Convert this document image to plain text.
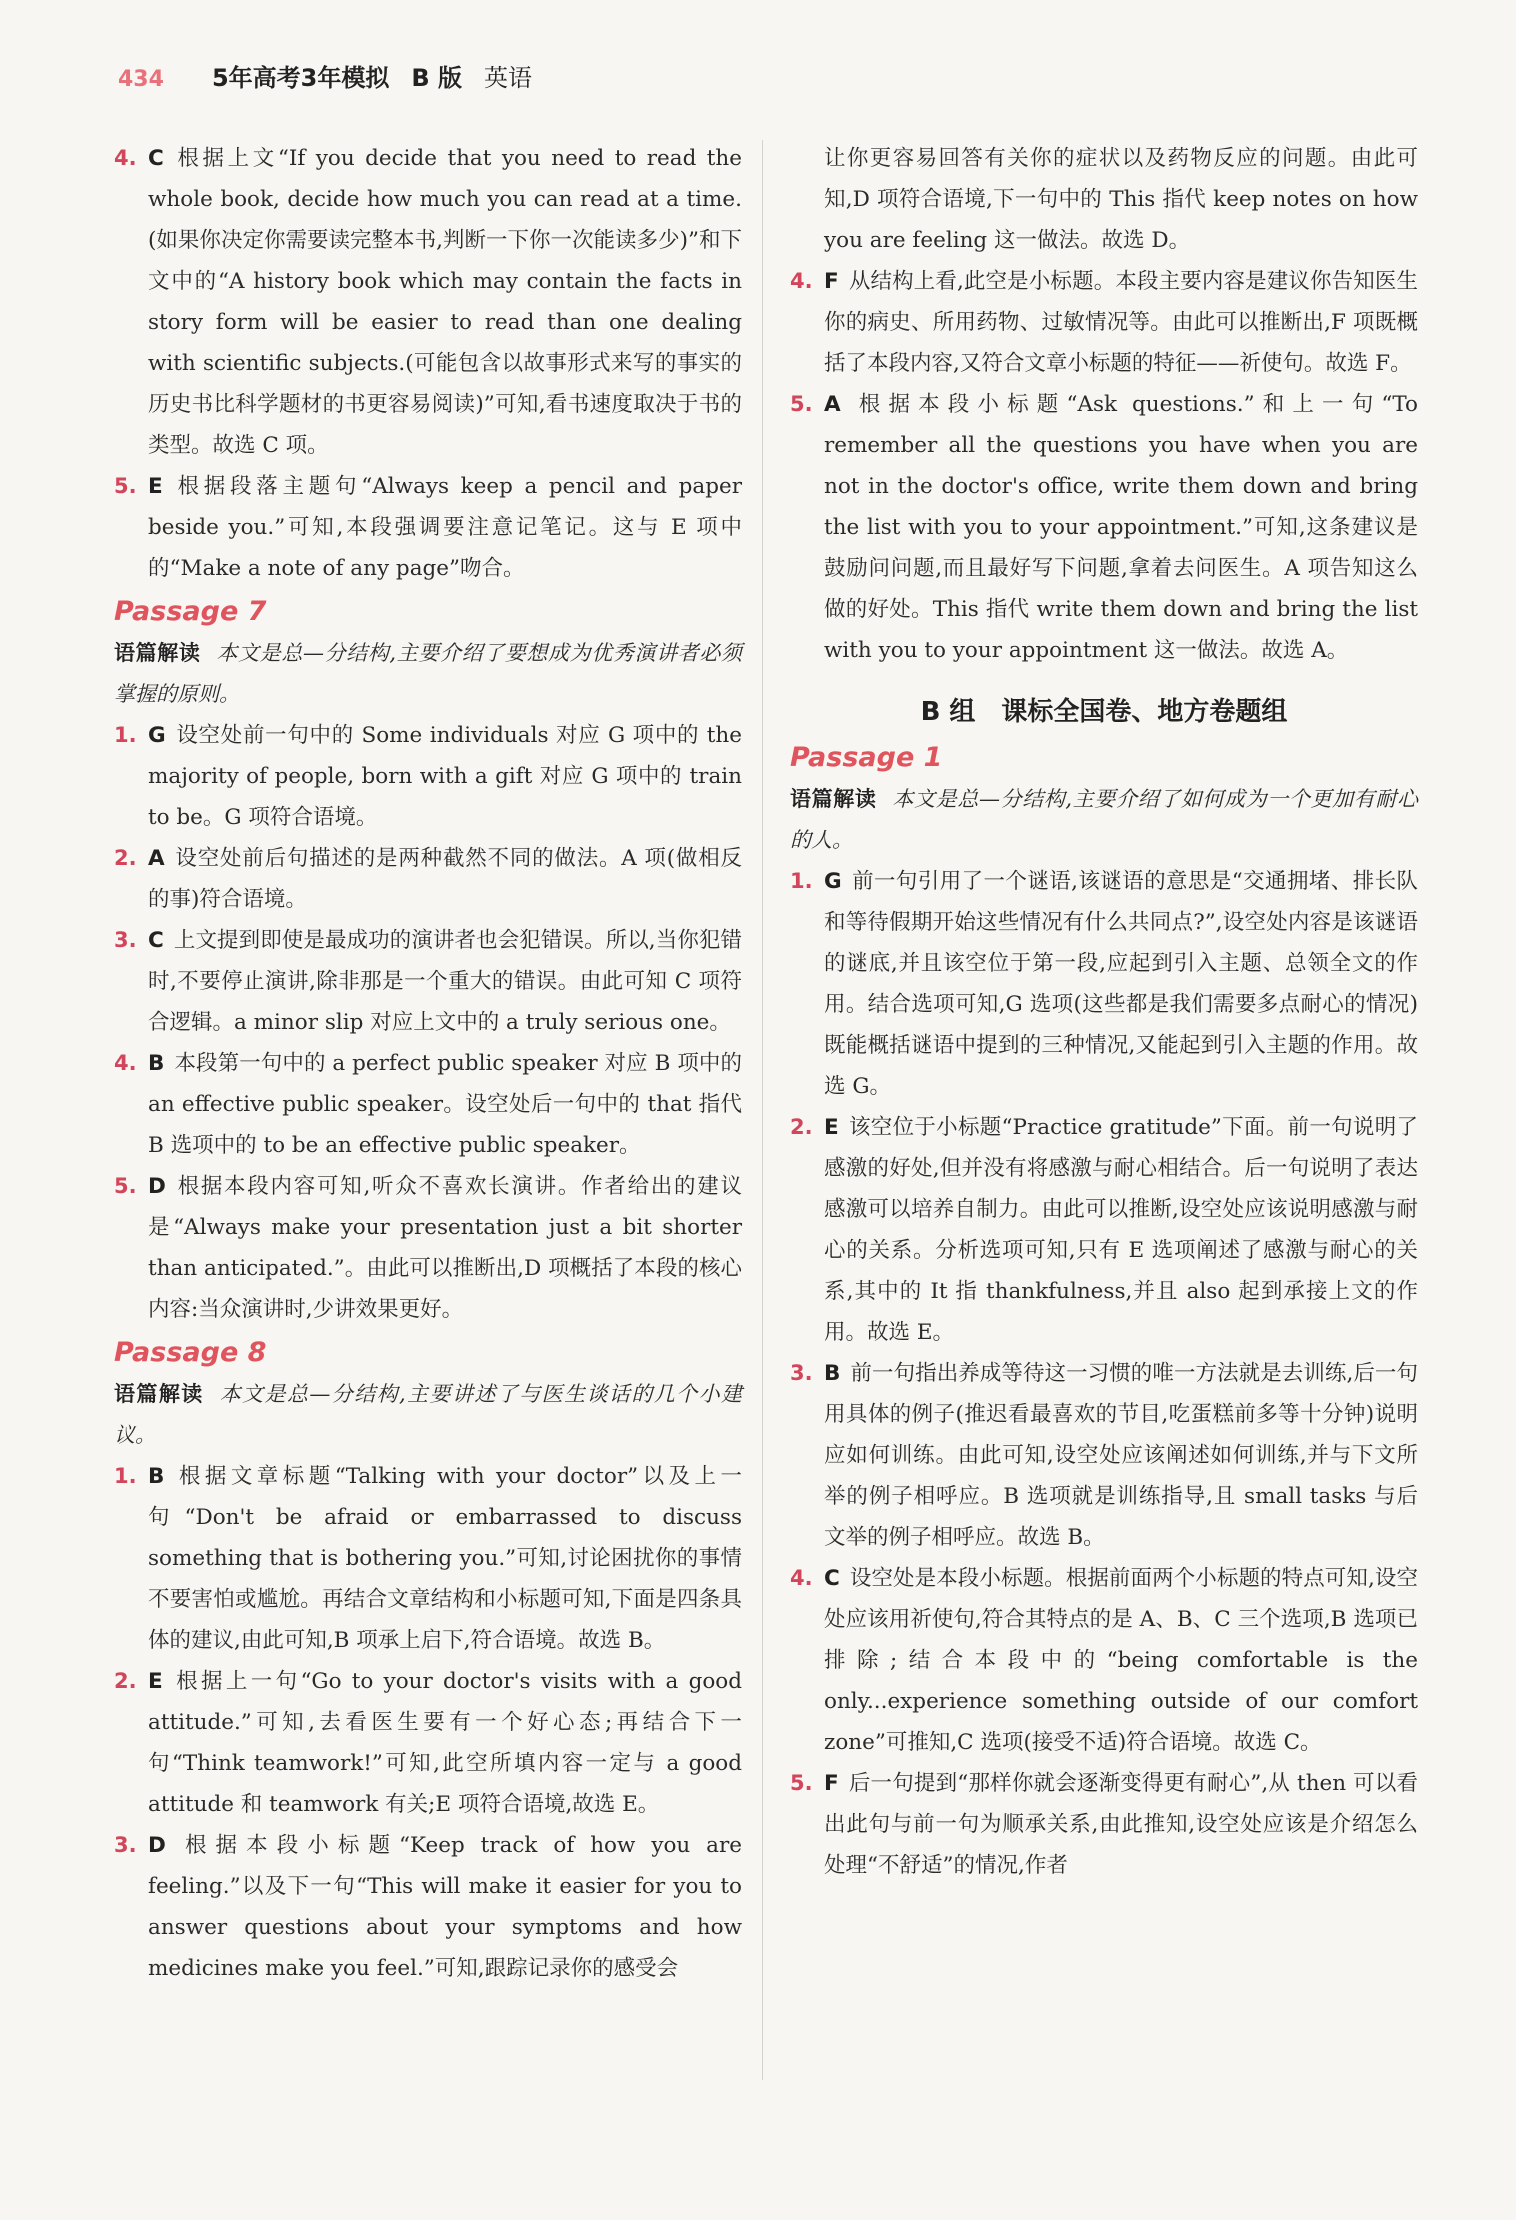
434 5年高考3年模拟 B 版 英语
4. C 根据上文“If you decide that you need to read the whole book, decide how much you can read at a time.(如果你决定你需要读完整本书,判断一下你一次能读多少)”和下文中的“A history book which may contain the facts in story form will be easier to read than one dealing with scientific subjects.(可能包含以故事形式来写的事实的历史书比科学题材的书更容易阅读)”可知,看书速度取决于书的类型。故选 C 项。
5. E 根据段落主题句“Always keep a pencil and paper beside you.”可知,本段强调要注意记笔记。这与 E 项中的“Make a note of any page”吻合。
Passage 7
语篇解读 本文是总—分结构,主要介绍了要想成为优秀演讲者必须掌握的原则。
1. G 设空处前一句中的 Some individuals 对应 G 项中的 the majority of people, born with a gift 对应 G 项中的 train to be。G 项符合语境。
2. A 设空处前后句描述的是两种截然不同的做法。A 项(做相反的事)符合语境。
3. C 上文提到即使是最成功的演讲者也会犯错误。所以,当你犯错时,不要停止演讲,除非那是一个重大的错误。由此可知 C 项符合逻辑。a minor slip 对应上文中的 a truly serious one。
4. B 本段第一句中的 a perfect public speaker 对应 B 项中的 an effective public speaker。设空处后一句中的 that 指代 B 选项中的 to be an effective public speaker。
5. D 根据本段内容可知,听众不喜欢长演讲。作者给出的建议是“Always make your presentation just a bit shorter than anticipated.”。由此可以推断出,D 项概括了本段的核心内容:当众演讲时,少讲效果更好。
Passage 8
语篇解读 本文是总—分结构,主要讲述了与医生谈话的几个小建议。
1. B 根据文章标题“Talking with your doctor”以及上一句“Don't be afraid or embarrassed to discuss something that is bothering you.”可知,讨论困扰你的事情不要害怕或尴尬。再结合文章结构和小标题可知,下面是四条具体的建议,由此可知,B 项承上启下,符合语境。故选 B。
2. E 根据上一句“Go to your doctor's visits with a good attitude.”可知,去看医生要有一个好心态;再结合下一句“Think teamwork!”可知,此空所填内容一定与 a good attitude 和 teamwork 有关;E 项符合语境,故选 E。
3. D 根据本段小标题“Keep track of how you are feeling.”以及下一句“This will make it easier for you to answer questions about your symptoms and how medicines make you feel.”可知,跟踪记录你的感受会
让你更容易回答有关你的症状以及药物反应的问题。由此可知,D 项符合语境,下一句中的 This 指代 keep notes on how you are feeling 这一做法。故选 D。
4. F 从结构上看,此空是小标题。本段主要内容是建议你告知医生你的病史、所用药物、过敏情况等。由此可以推断出,F 项既概括了本段内容,又符合文章小标题的特征——祈使句。故选 F。
5. A 根据本段小标题“Ask questions.”和上一句“To remember all the questions you have when you are not in the doctor's office, write them down and bring the list with you to your appointment.”可知,这条建议是鼓励问问题,而且最好写下问题,拿着去问医生。A 项告知这么做的好处。This 指代 write them down and bring the list with you to your appointment 这一做法。故选 A。
B 组　课标全国卷、地方卷题组
Passage 1
语篇解读 本文是总—分结构,主要介绍了如何成为一个更加有耐心的人。
1. G 前一句引用了一个谜语,该谜语的意思是“交通拥堵、排长队和等待假期开始这些情况有什么共同点?”,设空处内容是该谜语的谜底,并且该空位于第一段,应起到引入主题、总领全文的作用。结合选项可知,G 选项(这些都是我们需要多点耐心的情况)既能概括谜语中提到的三种情况,又能起到引入主题的作用。故选 G。
2. E 该空位于小标题“Practice gratitude”下面。前一句说明了感激的好处,但并没有将感激与耐心相结合。后一句说明了表达感激可以培养自制力。由此可以推断,设空处应该说明感激与耐心的关系。分析选项可知,只有 E 选项阐述了感激与耐心的关系,其中的 It 指 thankfulness,并且 also 起到承接上文的作用。故选 E。
3. B 前一句指出养成等待这一习惯的唯一方法就是去训练,后一句用具体的例子(推迟看最喜欢的节目,吃蛋糕前多等十分钟)说明应如何训练。由此可知,设空处应该阐述如何训练,并与下文所举的例子相呼应。B 选项就是训练指导,且 small tasks 与后文举的例子相呼应。故选 B。
4. C 设空处是本段小标题。根据前面两个小标题的特点可知,设空处应该用祈使句,符合其特点的是 A、B、C 三个选项,B 选项已排除;结合本段中的“being comfortable is the only...experience something outside of our comfort zone”可推知,C 选项(接受不适)符合语境。故选 C。
5. F 后一句提到“那样你就会逐渐变得更有耐心”,从 then 可以看出此句与前一句为顺承关系,由此推知,设空处应该是介绍怎么处理“不舒适”的情况,作者
